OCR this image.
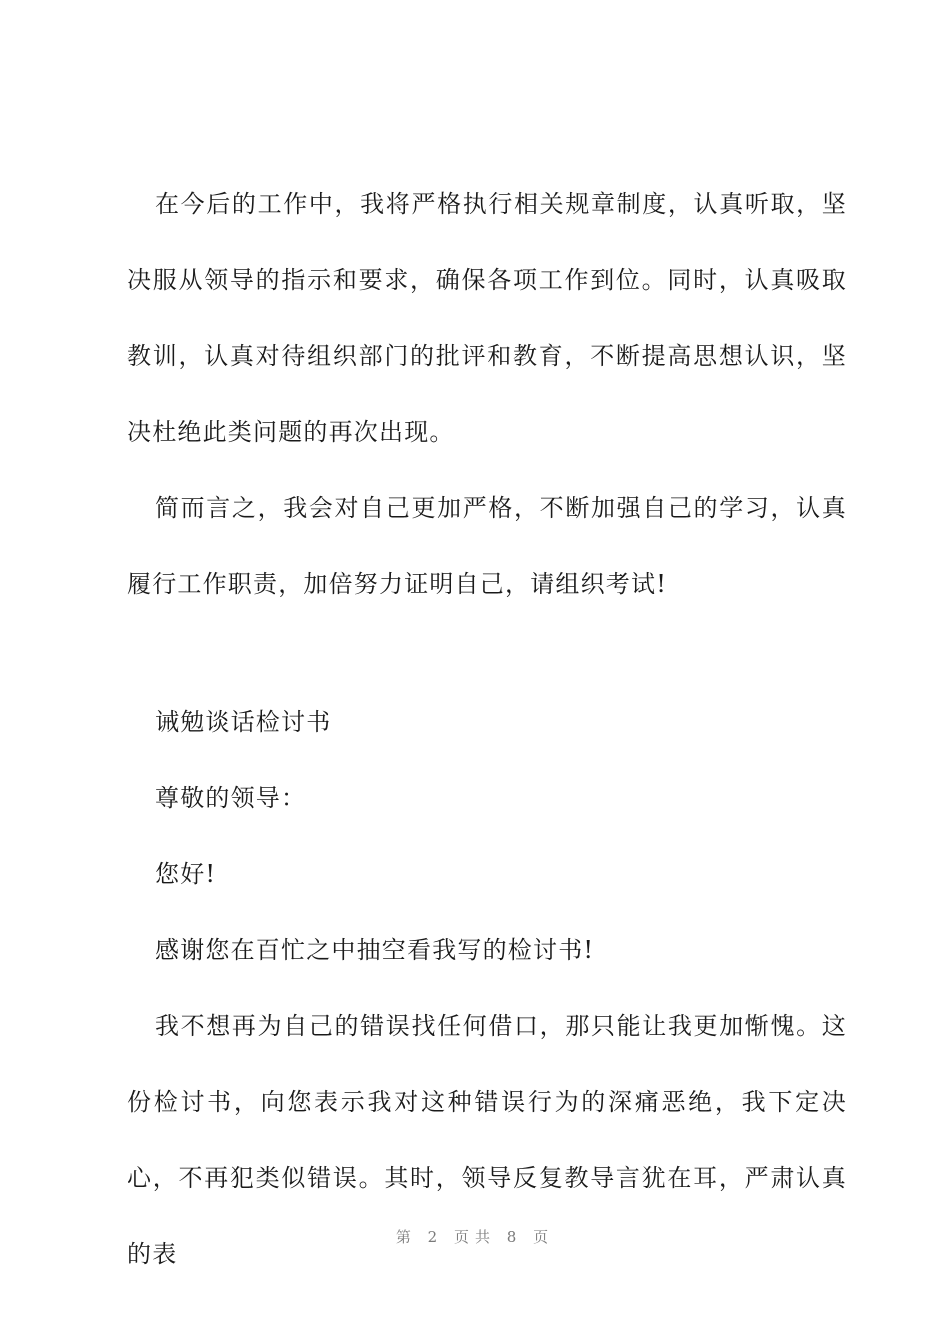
在今后的工作中，我将严格执行相关规章制度，认真听取，坚决服从领导的指示和要求，确保各项工作到位。同时，认真吸取教训，认真对待组织部门的批评和教育，不断提高思想认识，坚决杜绝此类问题的再次出现。

简而言之，我会对自己更加严格，不断加强自己的学习，认真履行工作职责，加倍努力证明自己，请组织考试!

诫勉谈话检讨书

尊敬的领导：

您好!

感谢您在百忙之中抽空看我写的检讨书!

我不想再为自己的错误找任何借口，那只能让我更加惭愧。这份检讨书，向您表示我对这种错误行为的深痛恶绝，我下定决心，不再犯类似错误。其时，领导反复教导言犹在耳，严肃认真的表

第 2 页共 8 页
